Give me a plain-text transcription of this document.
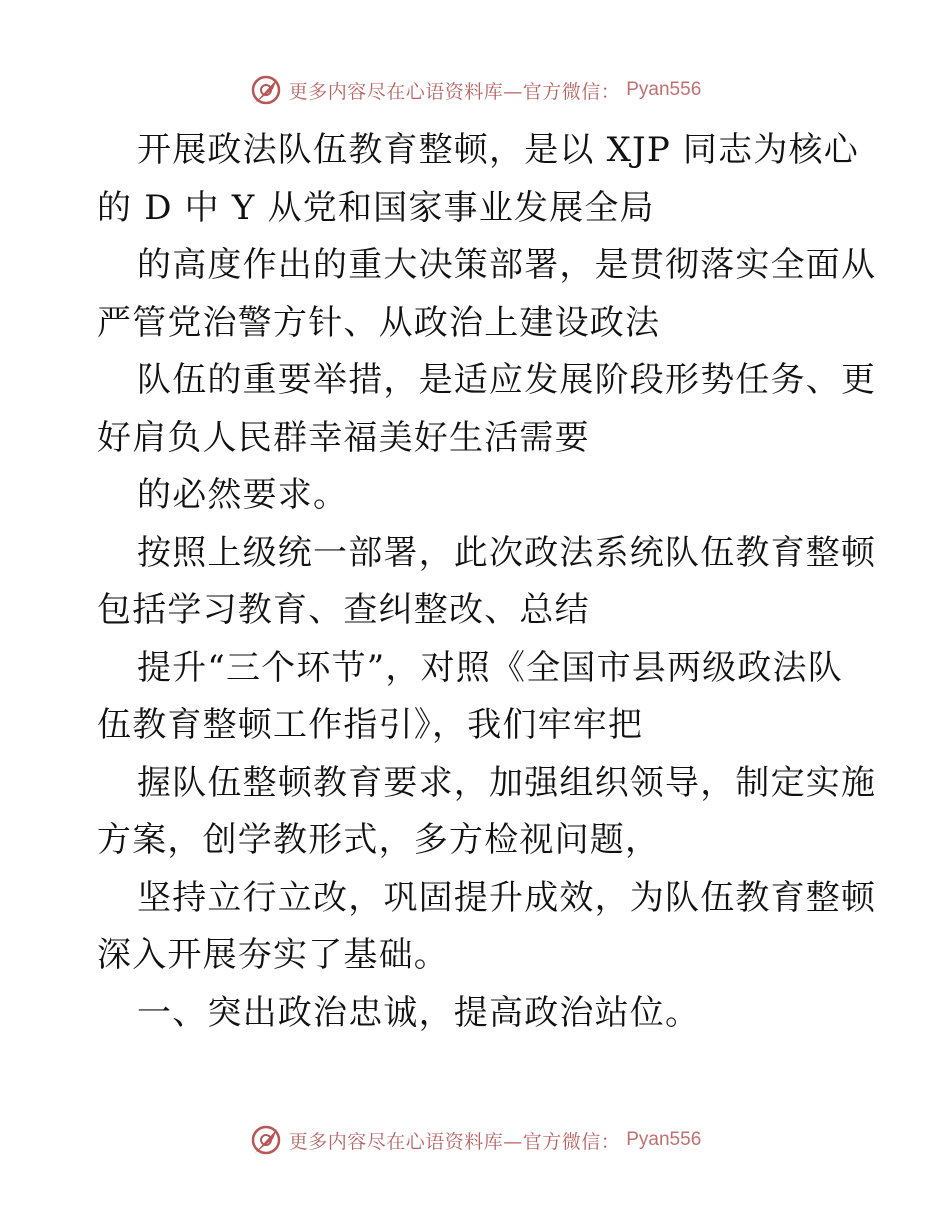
更多内容尽在心语资料库—官方微信： Pyan556
开展政法队伍教育整顿，是以 XJP 同志为核心
的 D 中 Y 从党和国家事业发展全局
的高度作出的重大决策部署，是贯彻落实全面从
严管党治警方针、从政治上建设政法
队伍的重要举措，是适应发展阶段形势任务、更
好肩负人民群幸福美好生活需要
的必然要求。
按照上级统一部署，此次政法系统队伍教育整顿
包括学习教育、查纠整改、总结
提升“三个环节”，对照《全国市县两级政法队
伍教育整顿工作指引》，我们牢牢把
握队伍整顿教育要求，加强组织领导，制定实施
方案，创学教形式，多方检视问题，
坚持立行立改，巩固提升成效，为队伍教育整顿
深入开展夯实了基础。
一、突出政治忠诚，提高政治站位。
更多内容尽在心语资料库—官方微信： Pyan556
